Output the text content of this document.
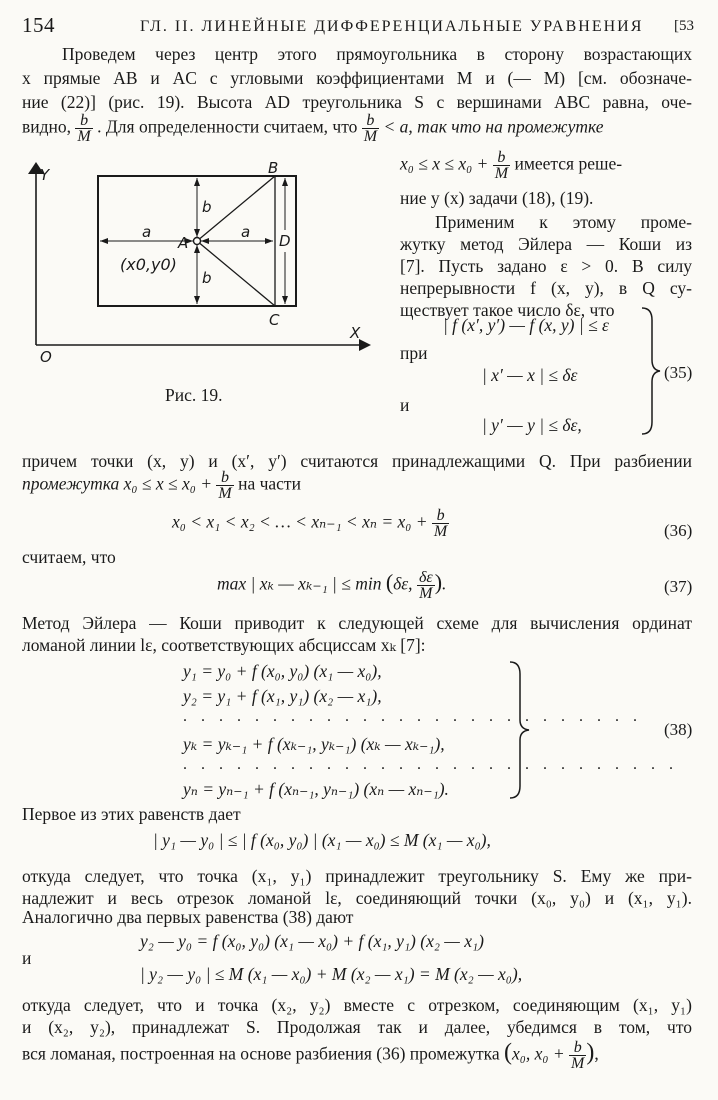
154	ГЛ. II. ЛИНЕЙНЫЕ ДИФФЕРЕНЦИАЛЬНЫЕ УРАВНЕНИЯ [53
Проведем через центр этого прямоугольника в сторону возрастающих
x прямые AB и AC с угловыми коэффициентами M и (— M) [см. обозначе-
ние (22)] (рис. 19). Высота AD треугольника S с вершинами ABC равна, оче-
видно, $\frac{b}{M}$ . Для определенности считаем, что $\frac{b}{M} < a$, так что на промежутке
Y
X
O
A
B
C
D
a	a
b
b
(x0,y0)
Рис. 19.
$x_0 \le x \le x_0 + \frac{b}{M}$ имеется реше-
ние y (x) задачи (18), (19).
Применим к этому проме-
жутку метод Эйлера — Коши из
[7]. Пусть задано ε > 0. В силу
непрерывности f (x, y), в Q су-
ществует такое число δε, что
| f (x′, y′) — f (x, y) | ≤ ε
при
| x′ — x | ≤ δε
и
| y′ — y | ≤ δε,
(35)
причем точки (x, y) и (x′, y′) считаются принадлежащими Q. При разбиении
промежутка $x_0 \le x \le x_0 + \frac{b}{M}$ на части
x₀ < x₁ < x₂ < … < $x_{n-1} < x_n = x_0 + \frac{b}{M}$	(36)
считаем, что
max | xₖ — xₖ₋₁ | ≤ min (δε, $\frac{\delta\varepsilon}{M}$ ).	(37)
Метод Эйлера — Коши приводит к следующей схеме для вычисления ординат
ломаной линии lε, соответствующих абсциссам xₖ [7]:
y₁ = y₀ + f (x₀, y₀) (x₁ — x₀),
y₂ = y₁ + f (x₁, y₁) (x₂ — x₁),
. . . . . . . . . . . . . . . . . . . . . . . . . .
yₖ = yₖ₋₁ + f (xₖ₋₁, yₖ₋₁) (xₖ — xₖ₋₁),
. . . . . . . . . . . . . . . . . . . . . . . . . . . .
yₙ = yₙ₋₁ + f (xₙ₋₁, yₙ₋₁) (xₙ — xₙ₋₁).
(38)
Первое из этих равенств дает
| y₁ — y₀ | ≤ | f (x₀, y₀) | (x₁ — x₀) ≤ M (x₁ — x₀),
откуда следует, что точка (x₁, y₁) принадлежит треугольнику S. Ему же при-
надлежит и весь отрезок ломаной lε, соединяющий точки (x₀, y₀) и (x₁, y₁).
Аналогично два первых равенства (38) дают
y₂ — y₀ = f (x₀, y₀) (x₁ — x₀) + f (x₁, y₁) (x₂ — x₁)
и
| y₂ — y₀ | ≤ M (x₁ — x₀) + M (x₂ — x₁) = M (x₂ — x₀),
откуда следует, что и точка (x₂, y₂) вместе с отрезком, соединяющим (x₁, y₁)
и (x₂, y₂), принадлежат S. Продолжая так и далее, убедимся в том, что
вся ломаная, построенная на основе разбиения (36) промежутка (x₀, $x_0 + \frac{b}{M}$ ),
